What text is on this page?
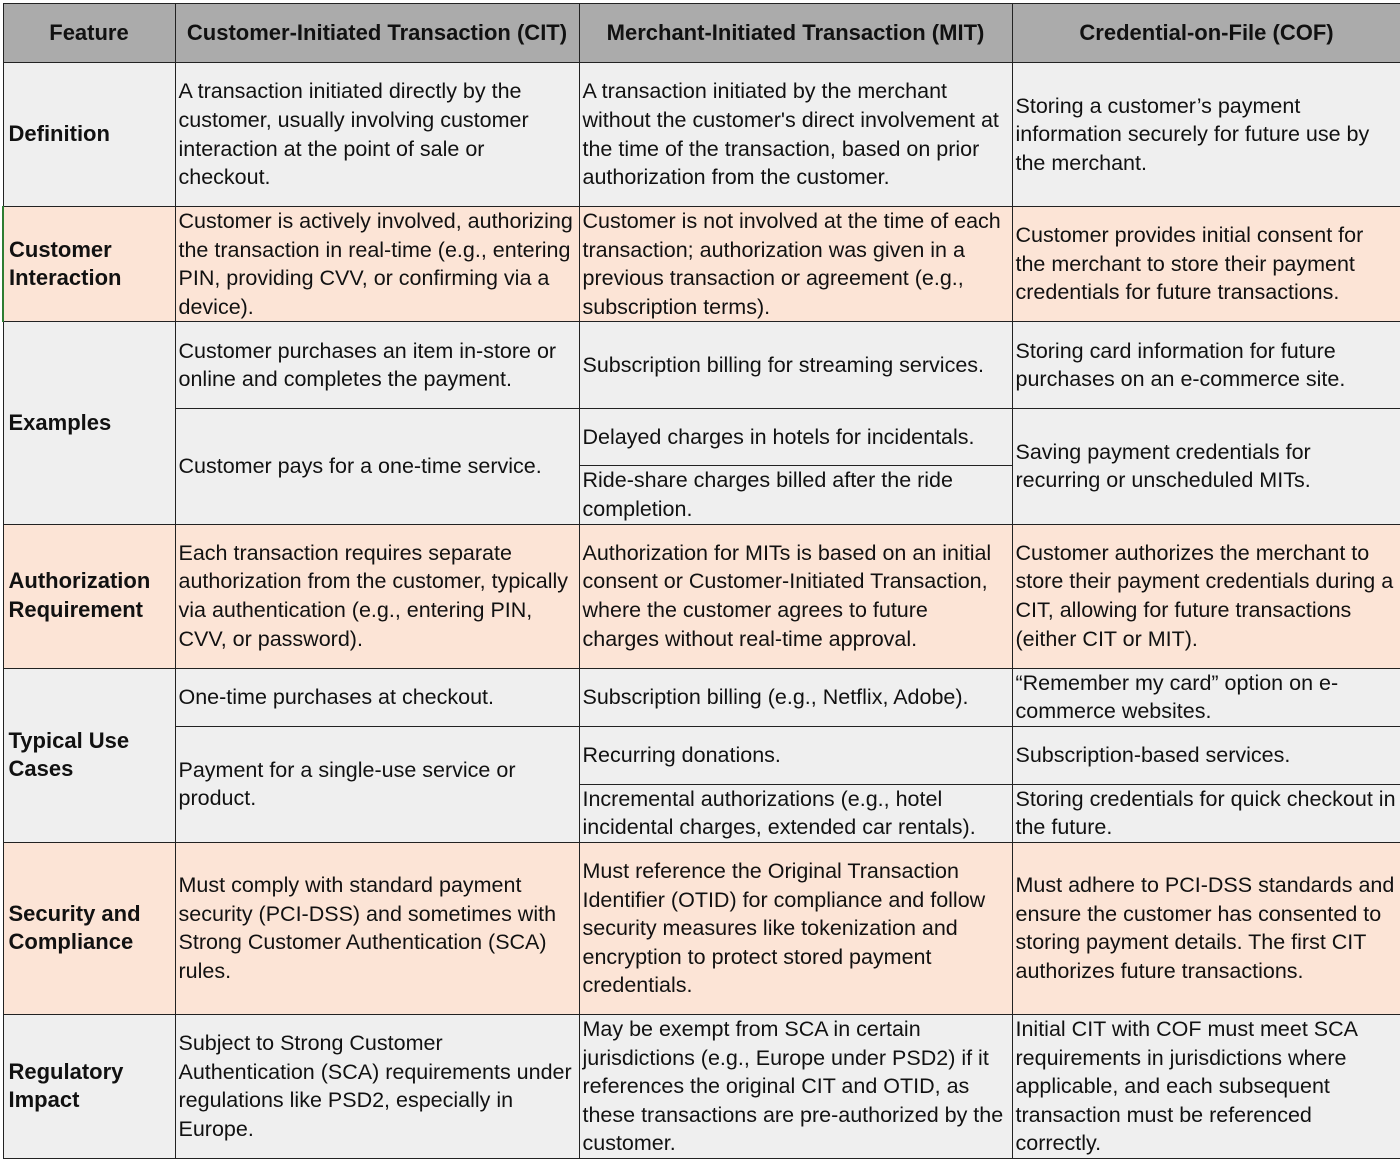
Feature	Customer-Initiated Transaction (CIT)	Merchant-Initiated Transaction (MIT)	Credential-on-File (COF)
Definition	A transaction initiated directly by the customer, usually involving customer interaction at the point of sale or checkout.	A transaction initiated by the merchant without the customer's direct involvement at the time of the transaction, based on prior authorization from the customer.	Storing a customer’s payment information securely for future use by the merchant.
Customer Interaction	Customer is actively involved, authorizing the transaction in real-time (e.g., entering PIN, providing CVV, or confirming via a device).	Customer is not involved at the time of each transaction; authorization was given in a previous transaction or agreement (e.g., subscription terms).	Customer provides initial consent for the merchant to store their payment credentials for future transactions.
Examples	Customer purchases an item in-store or online and completes the payment.	Subscription billing for streaming services.	Storing card information for future purchases on an e-commerce site.
	Customer pays for a one-time service.	Delayed charges in hotels for incidentals.	Saving payment credentials for recurring or unscheduled MITs.
		Ride-share charges billed after the ride completion.	
Authorization Requirement	Each transaction requires separate authorization from the customer, typically via authentication (e.g., entering PIN, CVV, or password).	Authorization for MITs is based on an initial consent or Customer-Initiated Transaction, where the customer agrees to future charges without real-time approval.	Customer authorizes the merchant to store their payment credentials during a CIT, allowing for future transactions (either CIT or MIT).
Typical Use Cases	One-time purchases at checkout.	Subscription billing (e.g., Netflix, Adobe).	“Remember my card” option on e-commerce websites.
	Payment for a single-use service or product.	Recurring donations.	Subscription-based services.
		Incremental authorizations (e.g., hotel incidental charges, extended car rentals).	Storing credentials for quick checkout in the future.
Security and Compliance	Must comply with standard payment security (PCI-DSS) and sometimes with Strong Customer Authentication (SCA) rules.	Must reference the Original Transaction Identifier (OTID) for compliance and follow security measures like tokenization and encryption to protect stored payment credentials.	Must adhere to PCI-DSS standards and ensure the customer has consented to storing payment details. The first CIT authorizes future transactions.
Regulatory Impact	Subject to Strong Customer Authentication (SCA) requirements under regulations like PSD2, especially in Europe.	May be exempt from SCA in certain jurisdictions (e.g., Europe under PSD2) if it references the original CIT and OTID, as these transactions are pre-authorized by the customer.	Initial CIT with COF must meet SCA requirements in jurisdictions where applicable, and each subsequent transaction must be referenced correctly.
